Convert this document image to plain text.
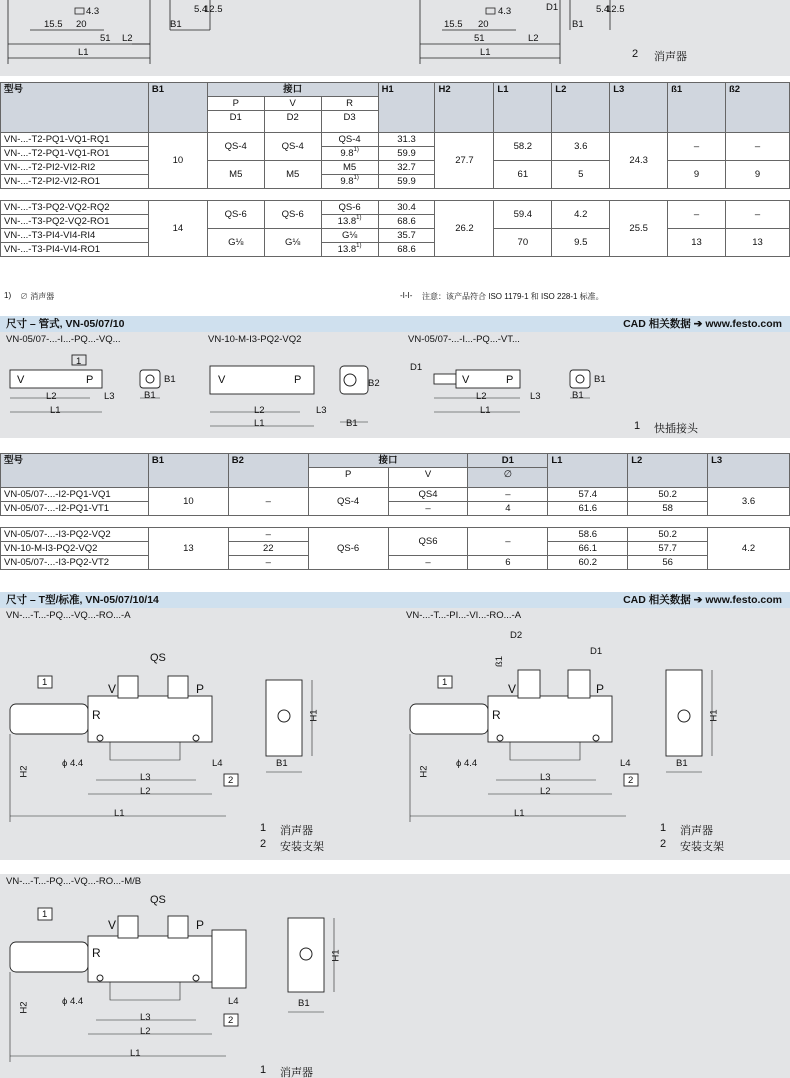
4.3
15.5 20
51 L2
L1
B1
5.4
12.5	4.3
15.5 20
51	L2
L1
B1
D1	5.4
12.5
2 消声器
型号	B1	接口			H1	H2	L1	L2	L3	ß1	ß2
		P	V	R							
		D1	D2	D3							
VN-...-T2-PQ1-VQ1-RQ1	10	QS-4	QS-4	QS-4	31.3	27.7	58.2	3.6	24.3	–	–
VN-...-T2-PQ1-VQ1-RO1				9.8$^{1)}$	59.9						
VN-...-T2-PI2-VI2-RI2		M5	M5	M5	32.7		61	5		9	9
VN-...-T2-PI2-VI2-RO1				9.8$^{1)}$	59.9						

VN-...-T3-PQ2-VQ2-RQ2	14	QS-6	QS-6	QS-6	30.4	26.2	59.4	4.2	25.5	–	–
VN-...-T3-PQ2-VQ2-RO1				13.8$^{1)}$	68.6						
VN-...-T3-PI4-VI4-RI4		G⅛	G⅛	G⅛	35.7		70	9.5		13	13
VN-...-T3-PI4-VI4-RO1				13.8$^{1)}$	68.6						
1) ∅ 消声器	-I-I- 注意：该产品符合 ISO 1179-1 和 ISO 228-1 标准。
尺寸 – 管式, VN-05/07/10	CAD 相关数据 ➔ www.festo.com
VN-05/07-...-I...-PQ...-VQ...	VN-10-M-I3-PQ2-VQ2	VN-05/07-...-I...-PQ...-VT...
V	P	V	P	V	P
L2
L1
L3	B1
B1
L2
L1
L3
B1
B2
D1
L2
L1
L3	B1
B1
1
1 快插接头
型号	B1	B2	接口		D1	L1	L2	L3
			P	V	∅			
VN-05/07-...-I2-PQ1-VQ1	10	–	QS-4	QS4	–	57.4	50.2	3.6
VN-05/07-...-I2-PQ1-VT1				–	4	61.6	58	

VN-05/07-...-I3-PQ2-VQ2	13	–	QS-6	QS6	–	58.6	50.2	4.2
VN-10-M-I3-PQ2-VQ2		22				66.1	57.7	
VN-05/07-...-I3-PQ2-VT2		–		–	6	60.2	56	
尺寸 – T型/标准, VN-05/07/10/14	CAD 相关数据 ➔ www.festo.com
VN-...-T...-PQ...-VQ...-RO...-A	VN-...-T...-PI...-VI...-RO...-A
1
2
1
2
QS
V	P
R
ϕ 4.4
H2	L3
L2
L1
L4	B1
H1
D2
D1
ß1
V	P
R
ϕ 4.4
H2	L3
L2
L1
L4	B1
H1
1 消声器
2 安装支架
1 消声器
2 安装支架
VN-...-T...-PQ...-VQ...-RO...-M/B
1
2
QS
V	P
R
ϕ 4.4
H2
L3
L2
L1
L4	B1
H1
1 消声器
